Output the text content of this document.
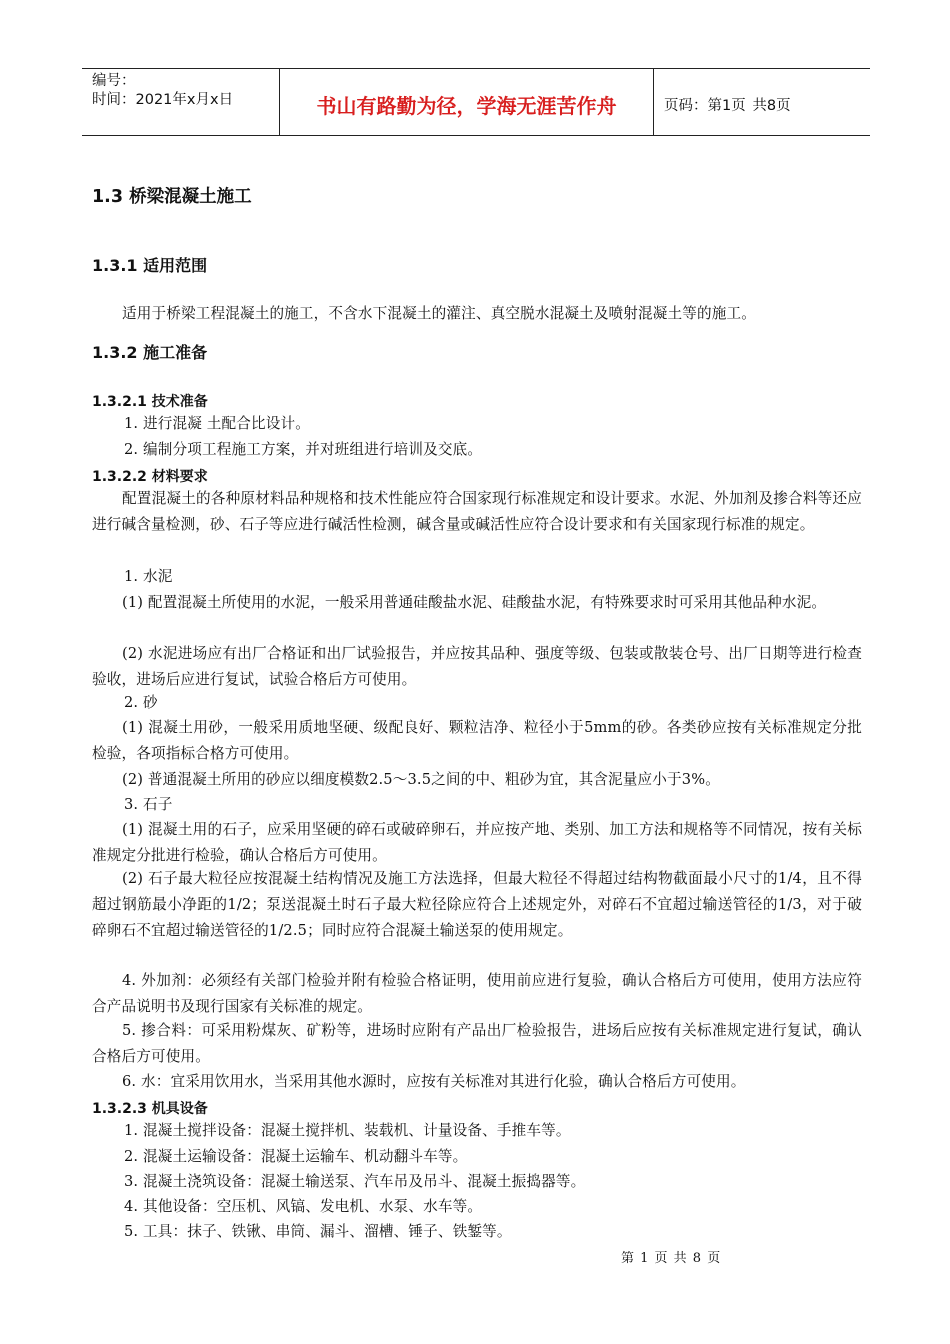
编号：
时间：2021年x月x日	书山有路勤为径，学海无涯苦作舟	页码：第1页
共8页
1.3 桥梁混凝土施工
1.3.1 适用范围
适用于桥梁工程混凝土的施工，不含水下混凝土的灌注、真空脱水混凝土及喷射混凝土等的施工。
1.3.2 施工准备
1.3.2.1 技术准备
1. 进行混凝 土配合比设计。
2. 编制分项工程施工方案，并对班组进行培训及交底。
1.3.2.2 材料要求
配置混凝土的各种原材料品种规格和技术性能应符合国家现行标准规定和设计要求。水泥、外加剂及掺合料等还应进行碱含量检测，砂、石子等应进行碱活性检测，碱含量或碱活性应符合设计要求和有关国家现行标准的规定。
1. 水泥
(1) 配置混凝土所使用的水泥，一般采用普通硅酸盐水泥、硅酸盐水泥，有特殊要求时可采用其他品种水泥。
(2) 水泥进场应有出厂合格证和出厂试验报告，并应按其品种、强度等级、包装或散装仓号、出厂日期等进行检查验收，进场后应进行复试，试验合格后方可使用。
2. 砂
(1) 混凝土用砂，一般采用质地坚硬、级配良好、颗粒洁净、粒径小于5mm的砂。各类砂应按有关标准规定分批检验，各项指标合格方可使用。
(2) 普通混凝土所用的砂应以细度模数2.5～3.5之间的中、粗砂为宜，其含泥量应小于3%。
3. 石子
(1) 混凝土用的石子，应采用坚硬的碎石或破碎卵石，并应按产地、类别、加工方法和规格等不同情况，按有关标准规定分批进行检验，确认合格后方可使用。
(2) 石子最大粒径应按混凝土结构情况及施工方法选择，但最大粒径不得超过结构物截面最小尺寸的1/4，且不得超过钢筋最小净距的1/2；泵送混凝土时石子最大粒径除应符合上述规定外，对碎石不宜超过输送管径的1/3，对于破碎卵石不宜超过输送管径的1/2.5；同时应符合混凝土输送泵的使用规定。
4. 外加剂：必须经有关部门检验并附有检验合格证明，使用前应进行复验，确认合格后方可使用，使用方法应符合产品说明书及现行国家有关标准的规定。
5. 掺合料：可采用粉煤灰、矿粉等，进场时应附有产品出厂检验报告，进场后应按有关标准规定进行复试，确认合格后方可使用。
6. 水：宜采用饮用水，当采用其他水源时，应按有关标准对其进行化验，确认合格后方可使用。
1.3.2.3 机具设备
1. 混凝土搅拌设备：混凝土搅拌机、装载机、计量设备、手推车等。
2. 混凝土运输设备：混凝土运输车、机动翻斗车等。
3. 混凝土浇筑设备：混凝土输送泵、汽车吊及吊斗、混凝土振捣器等。
4. 其他设备：空压机、风镐、发电机、水泵、水车等。
5. 工具：抹子、铁锹、串筒、漏斗、溜槽、锤子、铁錾等。
第 1 页 共 8 页
